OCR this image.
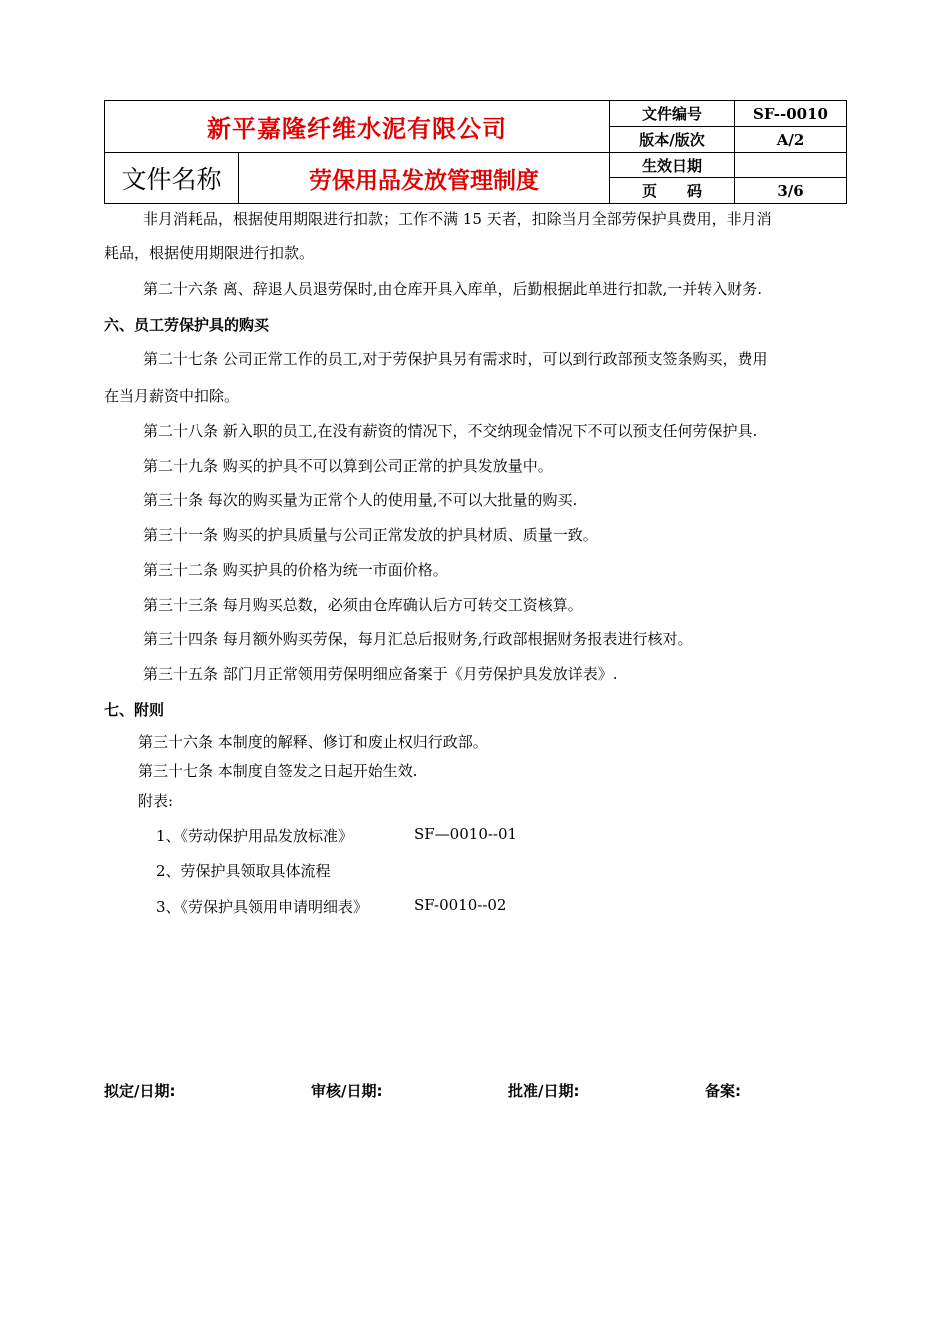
新平嘉隆纤维水泥有限公司		文件编号	SF--0010
		版本/版次	A/2
文件名称	劳保用品发放管理制度	生效日期	
		页　　码	3/6
非月消耗品，根据使用期限进行扣款；工作不满 15 天者，扣除当月全部劳保护具费用，非月消
耗品，根据使用期限进行扣款。
第二十六条 离、辞退人员退劳保时,由仓库开具入库单，后勤根据此单进行扣款,一并转入财务.
六、员工劳保护具的购买
第二十七条 公司正常工作的员工,对于劳保护具另有需求时，可以到行政部预支签条购买，费用
在当月薪资中扣除。
第二十八条 新入职的员工,在没有薪资的情况下，不交纳现金情况下不可以预支任何劳保护具.
第二十九条 购买的护具不可以算到公司正常的护具发放量中。
第三十条 每次的购买量为正常个人的使用量,不可以大批量的购买.
第三十一条 购买的护具质量与公司正常发放的护具材质、质量一致。
第三十二条 购买护具的价格为统一市面价格。
第三十三条 每月购买总数，必须由仓库确认后方可转交工资核算。
第三十四条 每月额外购买劳保，每月汇总后报财务,行政部根据财务报表进行核对。
第三十五条 部门月正常领用劳保明细应备案于《月劳保护具发放详表》.
七、附则
第三十六条 本制度的解释、修订和废止权归行政部。
第三十七条 本制度自签发之日起开始生效.
附表:
1、《劳动保护用品发放标准》	SF—0010--01
2、劳保护具领取具体流程
3、《劳保护具领用申请明细表》	SF-0010--02
拟定/日期:	审核/日期:	批准/日期:	备案:
